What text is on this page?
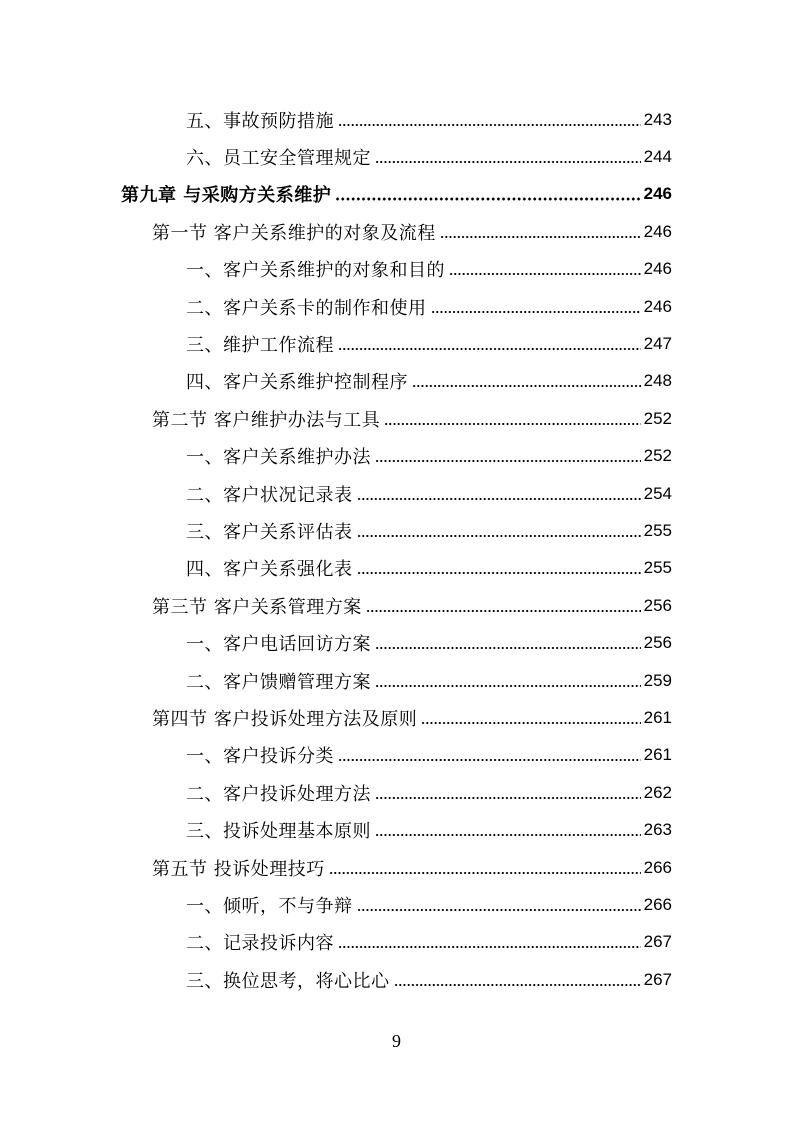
五、事故预防措施	243
六、员工安全管理规定	244
第九章 与采购方关系维护	246
第一节 客户关系维护的对象及流程	246
一、客户关系维护的对象和目的	246
二、客户关系卡的制作和使用	246
三、维护工作流程	247
四、客户关系维护控制程序	248
第二节 客户维护办法与工具	252
一、客户关系维护办法	252
二、客户状况记录表	254
三、客户关系评估表	255
四、客户关系强化表	255
第三节 客户关系管理方案	256
一、客户电话回访方案	256
二、客户馈赠管理方案	259
第四节 客户投诉处理方法及原则	261
一、客户投诉分类	261
二、客户投诉处理方法	262
三、投诉处理基本原则	263
第五节 投诉处理技巧	266
一、倾听，不与争辩	266
二、记录投诉内容	267
三、换位思考，将心比心	267
9
